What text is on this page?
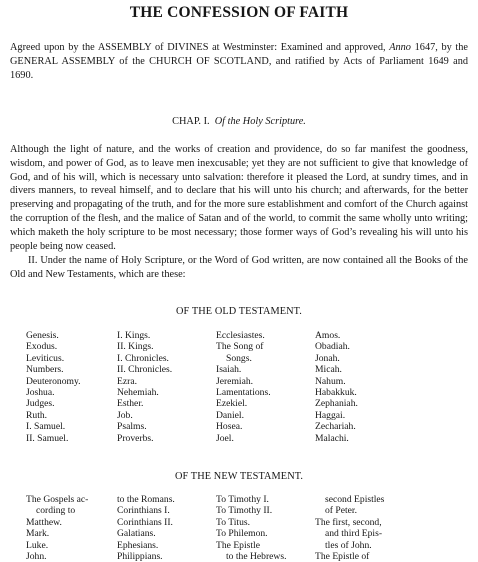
THE CONFESSION OF FAITH

Agreed upon by the ASSEMBLY of DIVINES at Westminster: Examined and approved, Anno 1647, by the GENERAL ASSEMBLY of the CHURCH OF SCOTLAND, and ratified by Acts of Parliament 1649 and 1690.

CHAP. I. Of the Holy Scripture.

Although the light of nature, and the works of creation and providence, do so far manifest the goodness, wisdom, and power of God, as to leave men inexcusable; yet they are not sufficient to give that knowledge of God, and of his will, which is necessary unto salvation: therefore it pleased the Lord, at sundry times, and in divers manners, to reveal himself, and to declare that his will unto his church; and afterwards, for the better preserving and propagating of the truth, and for the more sure establishment and comfort of the Church against the corruption of the flesh, and the malice of Satan and of the world, to commit the same wholly unto writing; which maketh the holy scripture to be most necessary; those former ways of God’s revealing his will unto his people being now ceased.

II. Under the name of Holy Scripture, or the Word of God written, are now contained all the Books of the Old and New Testaments, which are these:

OF THE OLD TESTAMENT.
Genesis.
Exodus.
Leviticus.
Numbers.
Deuteronomy.
Joshua.
Judges.
Ruth.
I. Samuel.
II. Samuel.
I. Kings.
II. Kings.
I. Chronicles.
II. Chronicles.
Ezra.
Nehemiah.
Esther.
Job.
Psalms.
Proverbs.
Ecclesiastes.
The Song of
Songs.
Isaiah.
Jeremiah.
Lamentations.
Ezekiel.
Daniel.
Hosea.
Joel.
Amos.
Obadiah.
Jonah.
Micah.
Nahum.
Habakkuk.
Zephaniah.
Haggai.
Zechariah.
Malachi.
OF THE NEW TESTAMENT.
The Gospels ac-
cording to
Matthew.
Mark.
Luke.
John.
to the Romans.
Corinthians I.
Corinthians II.
Galatians.
Ephesians.
Philippians.
To Timothy I.
To Timothy II.
To Titus.
To Philemon.
The Epistle
to the Hebrews.
second Epistles
of Peter.
The first, second,
and third Epis-
tles of John.
The Epistle of
